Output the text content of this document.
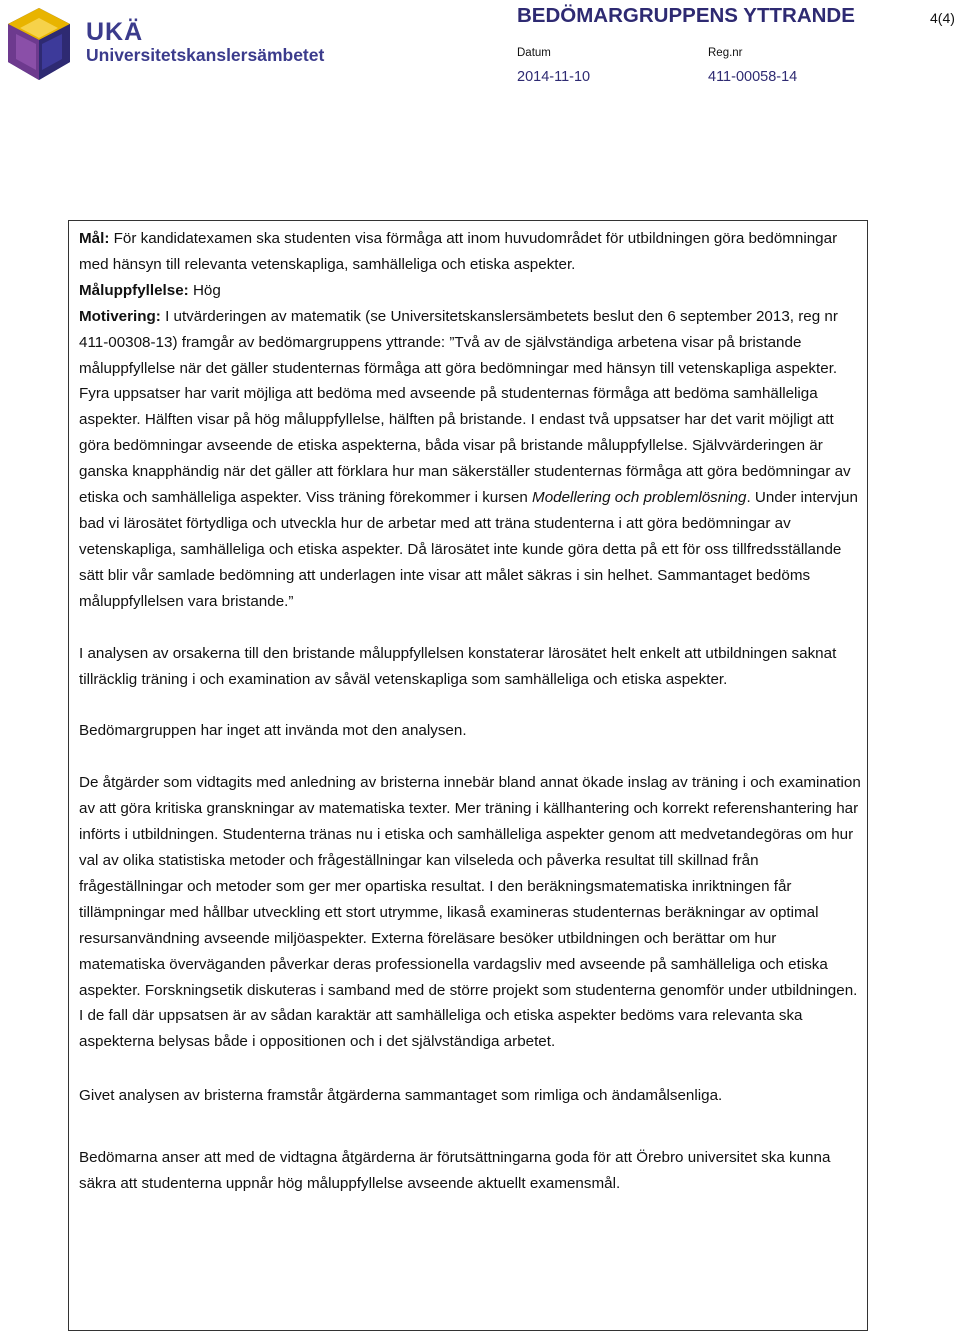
UKÄ
Universitetskanslersämbetet
BEDÖMARGRUPPENS YTTRANDE	4(4)
Datum	Reg.nr
2014-11-10	411-00058-14

Mål: För kandidatexamen ska studenten visa förmåga att inom huvudområdet för utbildningen göra bedömningar med hänsyn till relevanta vetenskapliga, samhälleliga och etiska aspekter.

Måluppfyllelse: Hög

Motivering: I utvärderingen av matematik (se Universitetskanslersämbetets beslut den 6 september 2013, reg nr 411-00308-13) framgår av bedömargruppens yttrande: ”Två av de självständiga arbetena visar på bristande måluppfyllelse när det gäller studenternas förmåga att göra bedömningar med hänsyn till vetenskapliga aspekter. Fyra uppsatser har varit möjliga att bedöma med avseende på studenternas förmåga att bedöma samhälleliga aspekter. Hälften visar på hög måluppfyllelse, hälften på bristande. I endast två uppsatser har det varit möjligt att göra bedömningar avseende de etiska aspekterna, båda visar på bristande måluppfyllelse. Självvärderingen är ganska knapphändig när det gäller att förklara hur man säkerställer studenternas förmåga att göra bedömningar av etiska och samhälleliga aspekter. Viss träning förekommer i kursen Modellering och problemlösning. Under intervjun bad vi lärosätet förtydliga och utveckla hur de arbetar med att träna studenterna i att göra bedömningar av vetenskapliga, samhälleliga och etiska aspekter. Då lärosätet inte kunde göra detta på ett för oss tillfredsställande sätt blir vår samlade bedömning att underlagen inte visar att målet säkras i sin helhet. Sammantaget bedöms måluppfyllelsen vara bristande.”

I analysen av orsakerna till den bristande måluppfyllelsen konstaterar lärosätet helt enkelt att utbildningen saknat tillräcklig träning i och examination av såväl vetenskapliga som samhälleliga och etiska aspekter.

Bedömargruppen har inget att invända mot den analysen.

De åtgärder som vidtagits med anledning av bristerna innebär bland annat ökade inslag av träning i och examination av att göra kritiska granskningar av matematiska texter. Mer träning i källhantering och korrekt referenshantering har införts i utbildningen. Studenterna tränas nu i etiska och samhälleliga aspekter genom att medvetandegöras om hur val av olika statistiska metoder och frågeställningar kan vilseleda och påverka resultat till skillnad från frågeställningar och metoder som ger mer opartiska resultat. I den beräkningsmatematiska inriktningen får tillämpningar med hållbar utveckling ett stort utrymme, likaså examineras studenternas beräkningar av optimal resursanvändning avseende miljöaspekter. Externa föreläsare besöker utbildningen och berättar om hur matematiska överväganden påverkar deras professionella vardagsliv med avseende på samhälleliga och etiska aspekter. Forskningsetik diskuteras i samband med de större projekt som studenterna genomför under utbildningen. I de fall där uppsatsen är av sådan karaktär att samhälleliga och etiska aspekter bedöms vara relevanta ska aspekterna belysas både i oppositionen och i det självständiga arbetet.

Givet analysen av bristerna framstår åtgärderna sammantaget som rimliga och ändamålsenliga.

Bedömarna anser att med de vidtagna åtgärderna är förutsättningarna goda för att Örebro universitet ska kunna säkra att studenterna uppnår hög måluppfyllelse avseende aktuellt examensmål.
